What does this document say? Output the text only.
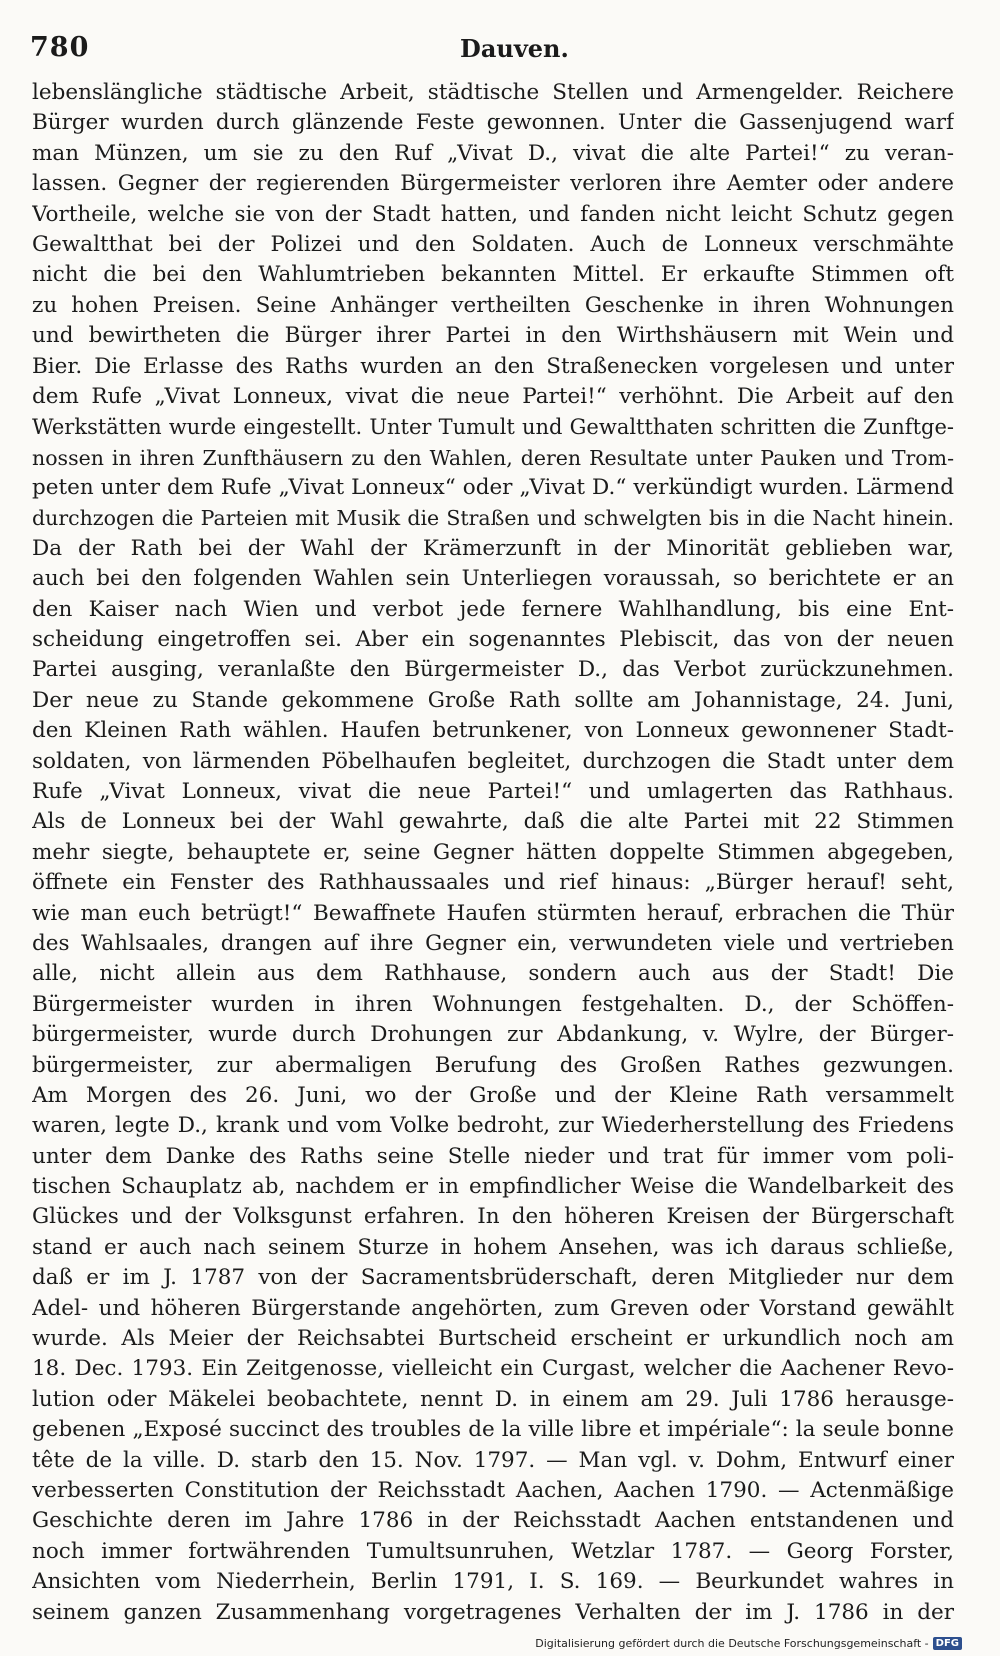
780	Dauven.
lebenslängliche städtische Arbeit, städtische Stellen und Armengelder. Reichere
Bürger wurden durch glänzende Feste gewonnen. Unter die Gassenjugend warf
man Münzen, um sie zu den Ruf „Vivat D., vivat die alte Partei!“ zu veran-
lassen. Gegner der regierenden Bürgermeister verloren ihre Aemter oder andere
Vortheile, welche sie von der Stadt hatten, und fanden nicht leicht Schutz gegen
Gewaltthat bei der Polizei und den Soldaten. Auch de Lonneux verschmähte
nicht die bei den Wahlumtrieben bekannten Mittel. Er erkaufte Stimmen oft
zu hohen Preisen. Seine Anhänger vertheilten Geschenke in ihren Wohnungen
und bewirtheten die Bürger ihrer Partei in den Wirthshäusern mit Wein und
Bier. Die Erlasse des Raths wurden an den Straßenecken vorgelesen und unter
dem Rufe „Vivat Lonneux, vivat die neue Partei!“ verhöhnt. Die Arbeit auf den
Werkstätten wurde eingestellt. Unter Tumult und Gewaltthaten schritten die Zunftge-
nossen in ihren Zunfthäusern zu den Wahlen, deren Resultate unter Pauken und Trom-
peten unter dem Rufe „Vivat Lonneux“ oder „Vivat D.“ verkündigt wurden. Lärmend
durchzogen die Parteien mit Musik die Straßen und schwelgten bis in die Nacht hinein.
Da der Rath bei der Wahl der Krämerzunft in der Minorität geblieben war,
auch bei den folgenden Wahlen sein Unterliegen voraussah, so berichtete er an
den Kaiser nach Wien und verbot jede fernere Wahlhandlung, bis eine Ent-
scheidung eingetroffen sei. Aber ein sogenanntes Plebiscit, das von der neuen
Partei ausging, veranlaßte den Bürgermeister D., das Verbot zurückzunehmen.
Der neue zu Stande gekommene Große Rath sollte am Johannistage, 24. Juni,
den Kleinen Rath wählen. Haufen betrunkener, von Lonneux gewonnener Stadt-
soldaten, von lärmenden Pöbelhaufen begleitet, durchzogen die Stadt unter dem
Rufe „Vivat Lonneux, vivat die neue Partei!“ und umlagerten das Rathhaus.
Als de Lonneux bei der Wahl gewahrte, daß die alte Partei mit 22 Stimmen
mehr siegte, behauptete er, seine Gegner hätten doppelte Stimmen abgegeben,
öffnete ein Fenster des Rathhaussaales und rief hinaus: „Bürger herauf! seht,
wie man euch betrügt!“ Bewaffnete Haufen stürmten herauf, erbrachen die Thür
des Wahlsaales, drangen auf ihre Gegner ein, verwundeten viele und vertrieben
alle, nicht allein aus dem Rathhause, sondern auch aus der Stadt! Die
Bürgermeister wurden in ihren Wohnungen festgehalten. D., der Schöffen-
bürgermeister, wurde durch Drohungen zur Abdankung, v. Wylre, der Bürger-
bürgermeister, zur abermaligen Berufung des Großen Rathes gezwungen.
Am Morgen des 26. Juni, wo der Große und der Kleine Rath versammelt
waren, legte D., krank und vom Volke bedroht, zur Wiederherstellung des Friedens
unter dem Danke des Raths seine Stelle nieder und trat für immer vom poli-
tischen Schauplatz ab, nachdem er in empfindlicher Weise die Wandelbarkeit des
Glückes und der Volksgunst erfahren. In den höheren Kreisen der Bürgerschaft
stand er auch nach seinem Sturze in hohem Ansehen, was ich daraus schließe,
daß er im J. 1787 von der Sacramentsbrüderschaft, deren Mitglieder nur dem
Adel- und höheren Bürgerstande angehörten, zum Greven oder Vorstand gewählt
wurde. Als Meier der Reichsabtei Burtscheid erscheint er urkundlich noch am
18. Dec. 1793. Ein Zeitgenosse, vielleicht ein Curgast, welcher die Aachener Revo-
lution oder Mäkelei beobachtete, nennt D. in einem am 29. Juli 1786 herausge-
gebenen „Exposé succinct des troubles de la ville libre et impériale“: la seule bonne
tête de la ville. D. starb den 15. Nov. 1797. — Man vgl. v. Dohm, Entwurf einer
verbesserten Constitution der Reichsstadt Aachen, Aachen 1790. — Actenmäßige
Geschichte deren im Jahre 1786 in der Reichsstadt Aachen entstandenen und
noch immer fortwährenden Tumultsunruhen, Wetzlar 1787. — Georg Forster,
Ansichten vom Niederrhein, Berlin 1791, I. S. 169. — Beurkundet wahres in
seinem ganzen Zusammenhang vorgetragenes Verhalten der im J. 1786 in der
Digitalisierung gefördert durch die Deutsche Forschungsgemeinschaft - DFG
